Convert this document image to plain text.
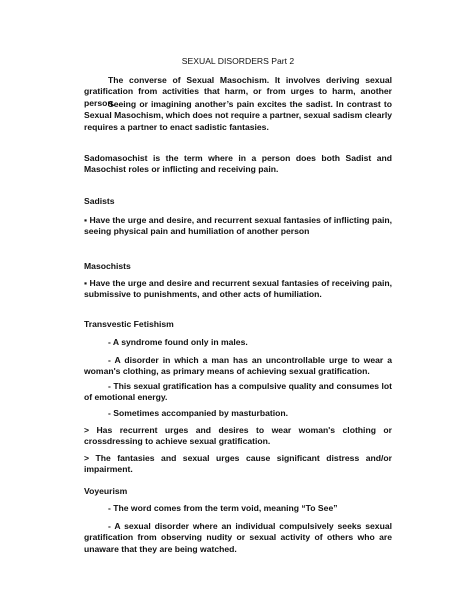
SEXUAL DISORDERS Part 2

The converse of Sexual Masochism. It involves deriving sexual gratification from activities that harm, or from urges to harm, another person.

Seeing or imagining another’s pain excites the sadist. In contrast to Sexual Masochism, which does not require a partner, sexual sadism clearly requires a partner to enact sadistic fantasies.

Sadomasochist is the term where in a person does both Sadist and Masochist roles or inflicting and receiving pain.

Sadists

▪ Have the urge and desire, and recurrent sexual fantasies of inflicting pain, seeing physical pain and humiliation of another person

Masochists

▪ Have the urge and desire and recurrent sexual fantasies of receiving pain, submissive to punishments, and other acts of humiliation.

Transvestic Fetishism

- A syndrome found only in males.

- A disorder in which a man has an uncontrollable urge to wear a woman's clothing, as primary means of achieving sexual gratification.

- This sexual gratification has a compulsive quality and consumes lot of emotional energy.

- Sometimes accompanied by masturbation.

> Has recurrent urges and desires to wear woman's clothing or crossdressing to achieve sexual gratification.

> The fantasies and sexual urges cause significant distress and/or impairment.

Voyeurism

- The word comes from the term void, meaning “To See”

- A sexual disorder where an individual compulsively seeks sexual gratification from observing nudity or sexual activity of others who are unaware that they are being watched.
